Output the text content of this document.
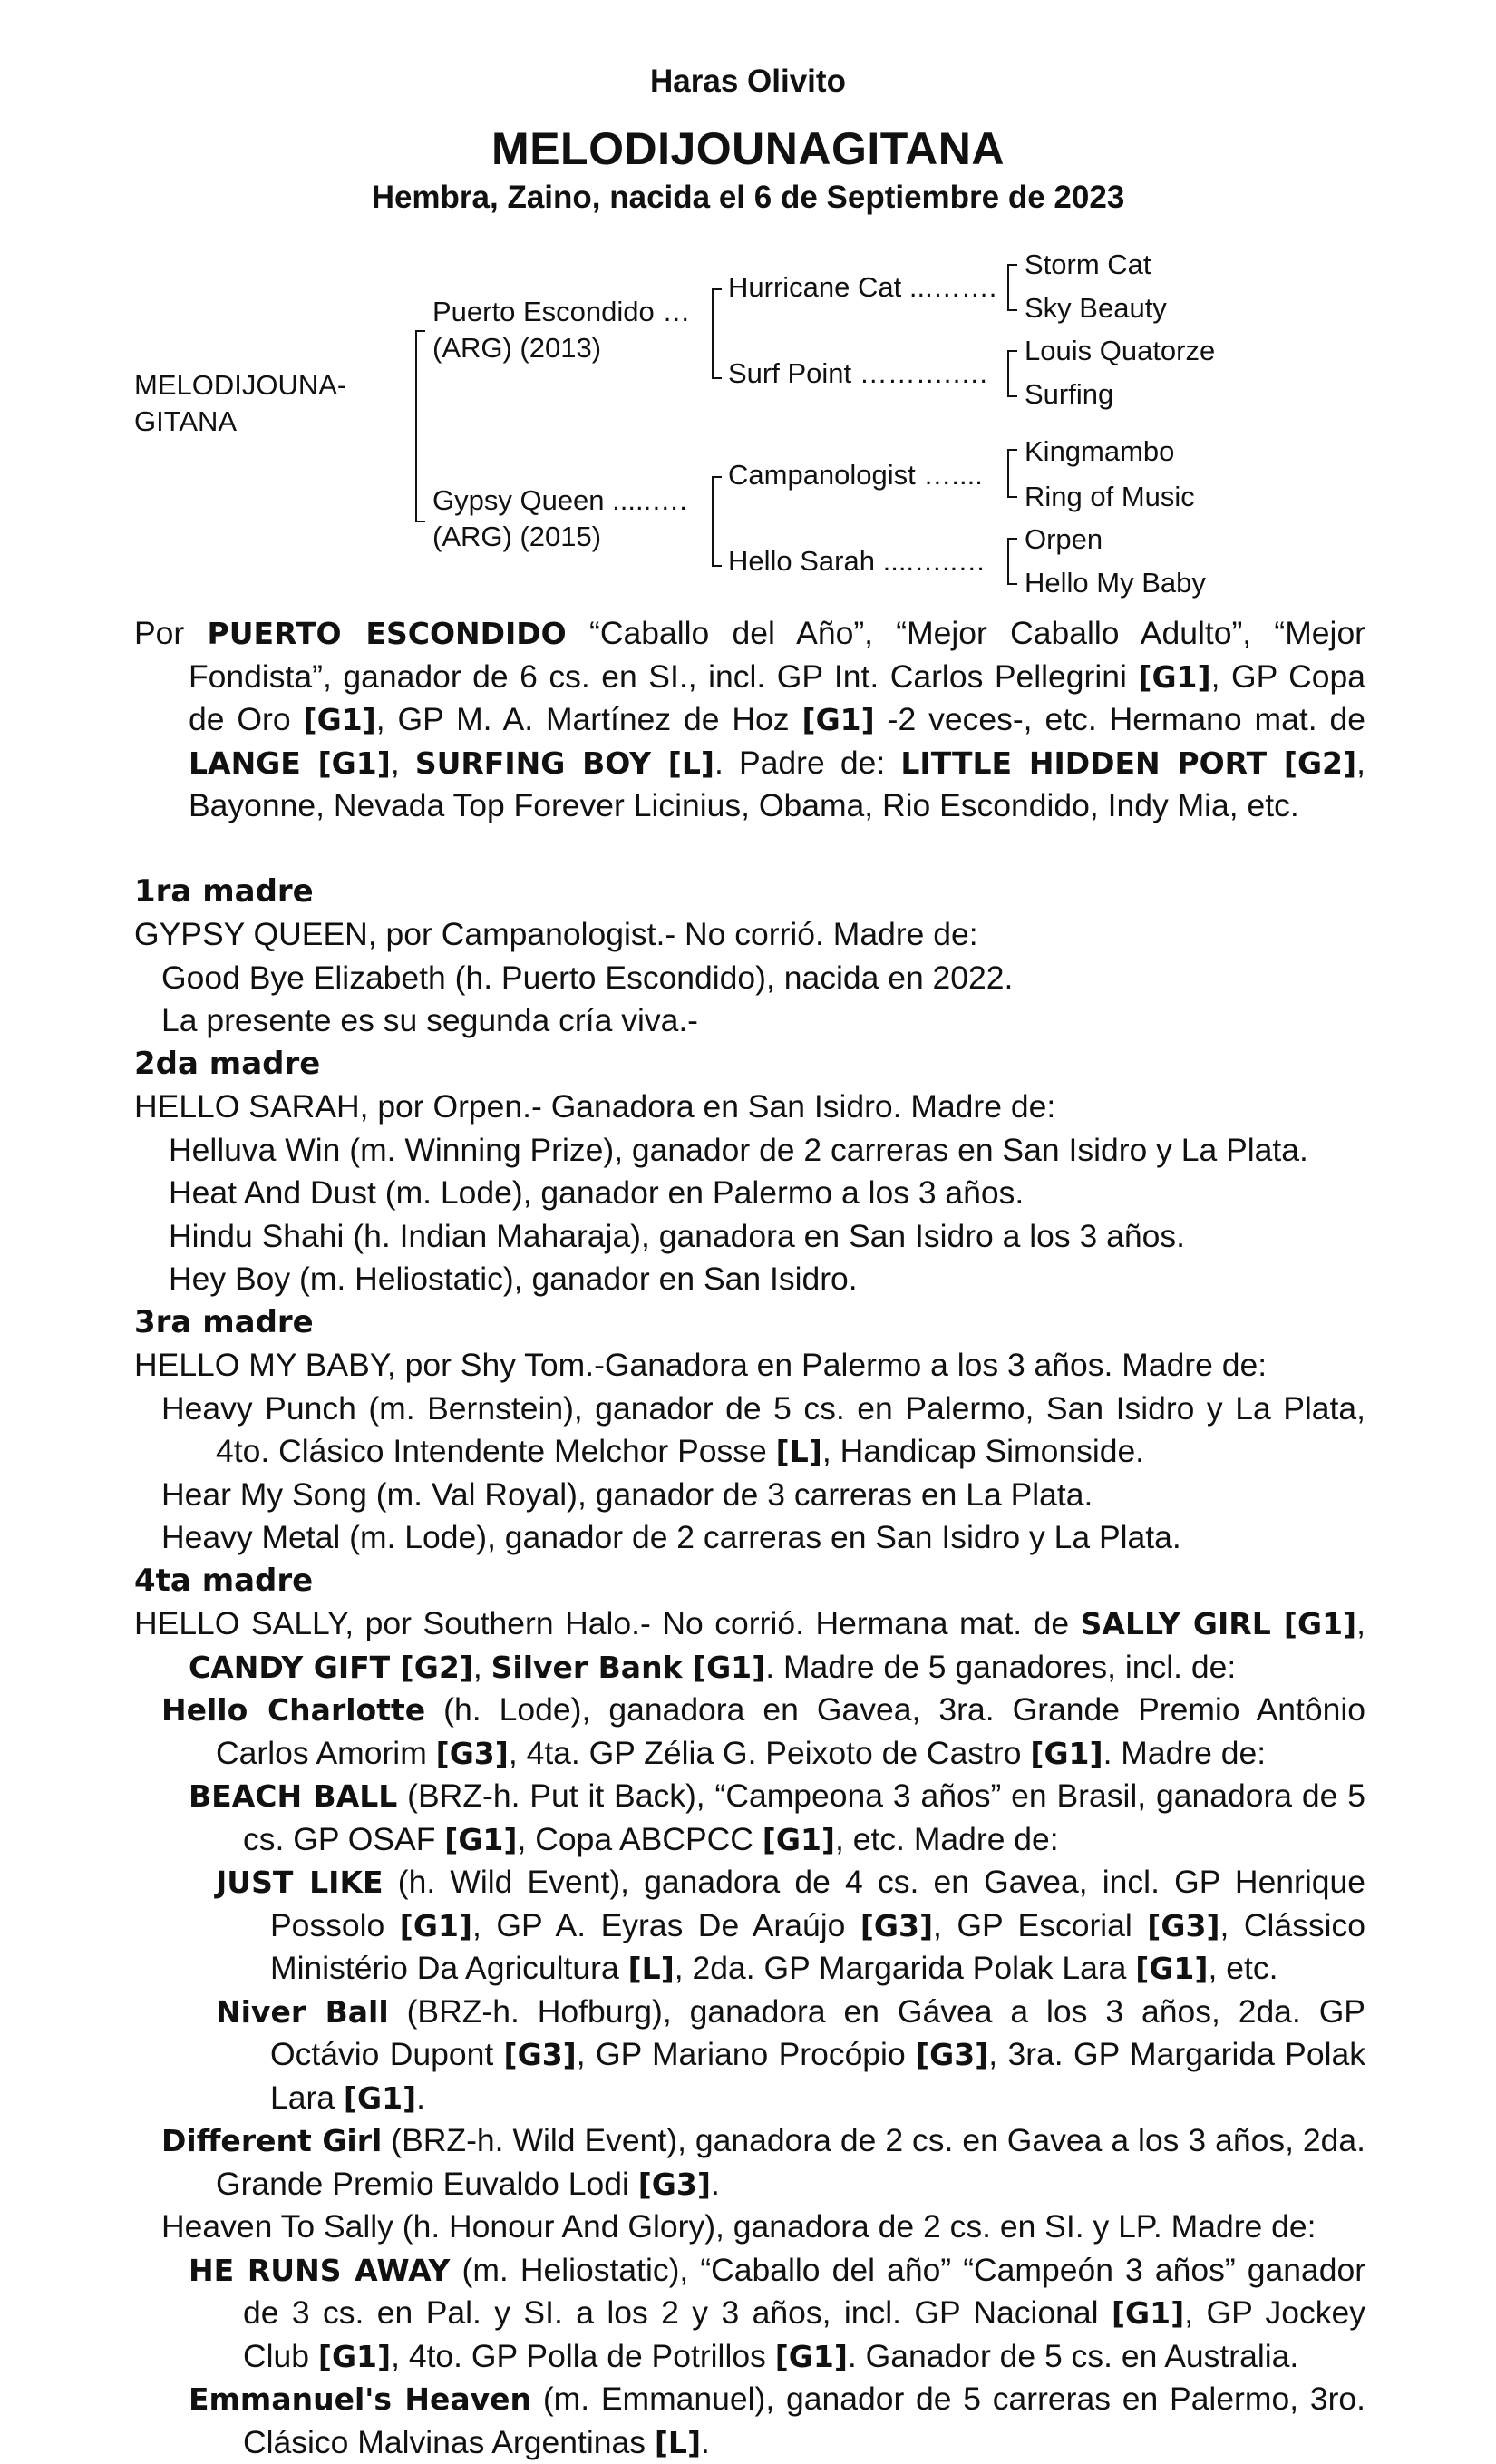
Haras Olivito
MELODIJOUNAGITANA
Hembra, Zaino, nacida el 6 de Septiembre de 2023
MELODIJOUNA-
GITANA
Puerto Escondido …
(ARG) (2013)
Gypsy Queen .....….
(ARG) (2015)
Hurricane Cat ...…….
Surf Point ……….….
Campanologist …....
Hello Sarah ....…..…
Storm Cat
Sky Beauty
Louis Quatorze
Surfing
Kingmambo
Ring of Music
Orpen
Hello My Baby

Por PUERTO ESCONDIDO “Caballo del Año”, “Mejor Caballo Adulto”, “Mejor Fondista”, ganador de 6 cs. en SI., incl. GP Int. Carlos Pellegrini [G1], GP Copa de Oro [G1], GP M. A. Martínez de Hoz [G1] -2 veces-, etc. Hermano mat. de LANGE [G1], SURFING BOY [L]. Padre de: LITTLE HIDDEN PORT [G2], Bayonne, Nevada Top Forever Licinius, Obama, Rio Escondido, Indy Mia, etc.

1ra madre

GYPSY QUEEN, por Campanologist.- No corrió. Madre de:

Good Bye Elizabeth (h. Puerto Escondido), nacida en 2022.

La presente es su segunda cría viva.-

2da madre

HELLO SARAH, por Orpen.- Ganadora en San Isidro. Madre de:

Helluva Win (m. Winning Prize), ganador de 2 carreras en San Isidro y La Plata.

Heat And Dust (m. Lode), ganador en Palermo a los 3 años.

Hindu Shahi (h. Indian Maharaja), ganadora en San Isidro a los 3 años.

Hey Boy (m. Heliostatic), ganador en San Isidro.

3ra madre

HELLO MY BABY, por Shy Tom.-Ganadora en Palermo a los 3 años. Madre de:

Heavy Punch (m. Bernstein), ganador de 5 cs. en Palermo, San Isidro y La Plata, 4to. Clásico Intendente Melchor Posse [L], Handicap Simonside.

Hear My Song (m. Val Royal), ganador de 3 carreras en La Plata.

Heavy Metal (m. Lode), ganador de 2 carreras en San Isidro y La Plata.

4ta madre

HELLO SALLY, por Southern Halo.- No corrió. Hermana mat. de SALLY GIRL [G1], CANDY GIFT [G2], Silver Bank [G1]. Madre de 5 ganadores, incl. de:

Hello Charlotte (h. Lode), ganadora en Gavea, 3ra. Grande Premio Antônio Carlos Amorim [G3], 4ta. GP Zélia G. Peixoto de Castro [G1]. Madre de:

BEACH BALL (BRZ-h. Put it Back), “Campeona 3 años” en Brasil, ganadora de 5 cs. GP OSAF [G1], Copa ABCPCC [G1], etc. Madre de:

JUST LIKE (h. Wild Event), ganadora de 4 cs. en Gavea, incl. GP Henrique Possolo [G1], GP A. Eyras De Araújo [G3], GP Escorial [G3], Clássico Ministério Da Agricultura [L], 2da. GP Margarida Polak Lara [G1], etc.

Niver Ball (BRZ-h. Hofburg), ganadora en Gávea a los 3 años, 2da. GP Octávio Dupont [G3], GP Mariano Procópio [G3], 3ra. GP Margarida Polak Lara [G1].

Different Girl (BRZ-h. Wild Event), ganadora de 2 cs. en Gavea a los 3 años, 2da. Grande Premio Euvaldo Lodi [G3].

Heaven To Sally (h. Honour And Glory), ganadora de 2 cs. en SI. y LP. Madre de:

HE RUNS AWAY (m. Heliostatic), “Caballo del año” “Campeón 3 años” ganador de 3 cs. en Pal. y SI. a los 2 y 3 años, incl. GP Nacional [G1], GP Jockey Club [G1], 4to. GP Polla de Potrillos [G1]. Ganador de 5 cs. en Australia.

Emmanuel's Heaven (m. Emmanuel), ganador de 5 carreras en Palermo, 3ro. Clásico Malvinas Argentinas [L].
